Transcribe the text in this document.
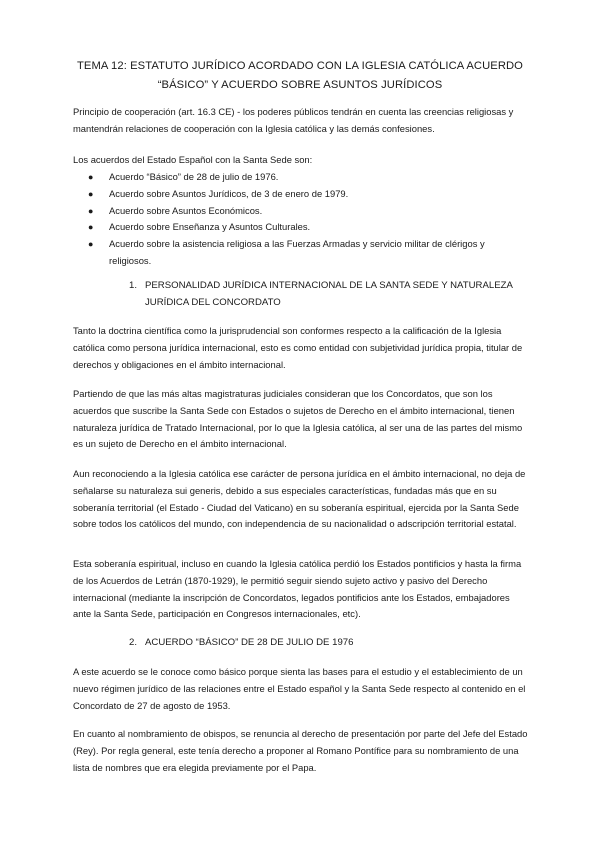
TEMA 12: ESTATUTO JURÍDICO ACORDADO CON LA IGLESIA CATÓLICA ACUERDO “BÁSICO” Y ACUERDO SOBRE ASUNTOS JURÍDICOS
Principio de cooperación (art. 16.3 CE) - los poderes públicos tendrán en cuenta las creencias religiosas y mantendrán relaciones de cooperación con la Iglesia católica y las demás confesiones.
Los acuerdos del Estado Español con la Santa Sede son:
● Acuerdo “Básico” de 28 de julio de 1976.
● Acuerdo sobre Asuntos Jurídicos, de 3 de enero de 1979.
● Acuerdo sobre Asuntos Económicos.
● Acuerdo sobre Enseñanza y Asuntos Culturales.
● Acuerdo sobre la asistencia religiosa a las Fuerzas Armadas y servicio militar de clérigos y religiosos.
1. PERSONALIDAD JURÍDICA INTERNACIONAL DE LA SANTA SEDE Y NATURALEZA JURÍDICA DEL CONCORDATO
Tanto la doctrina científica como la jurisprudencial son conformes respecto a la calificación de la Iglesia católica como persona jurídica internacional, esto es como entidad con subjetividad jurídica propia, titular de derechos y obligaciones en el ámbito internacional.
Partiendo de que las más altas magistraturas judiciales consideran que los Concordatos, que son los acuerdos que suscribe la Santa Sede con Estados o sujetos de Derecho en el ámbito internacional, tienen naturaleza jurídica de Tratado Internacional, por lo que la Iglesia católica, al ser una de las partes del mismo es un sujeto de Derecho en el ámbito internacional.
Aun reconociendo a la Iglesia católica ese carácter de persona jurídica en el ámbito internacional, no deja de señalarse su naturaleza sui generis, debido a sus especiales características, fundadas más que en su soberanía territorial (el Estado - Ciudad del Vaticano) en su soberanía espiritual, ejercida por la Santa Sede sobre todos los católicos del mundo, con independencia de su nacionalidad o adscripción territorial estatal.
Esta soberanía espiritual, incluso en cuando la Iglesia católica perdió los Estados pontificios y hasta la firma de los Acuerdos de Letrán (1870-1929), le permitió seguir siendo sujeto activo y pasivo del Derecho internacional (mediante la inscripción de Concordatos, legados pontificios ante los Estados, embajadores ante la Santa Sede, participación en Congresos internacionales, etc).
2. ACUERDO “BÁSICO” DE 28 DE JULIO DE 1976
A este acuerdo se le conoce como básico porque sienta las bases para el estudio y el establecimiento de un nuevo régimen jurídico de las relaciones entre el Estado español y la Santa Sede respecto al contenido en el Concordato de 27 de agosto de 1953.
En cuanto al nombramiento de obispos, se renuncia al derecho de presentación por parte del Jefe del Estado (Rey). Por regla general, este tenía derecho a proponer al Romano Pontífice para su nombramiento de una lista de nombres que era elegida previamente por el Papa.
